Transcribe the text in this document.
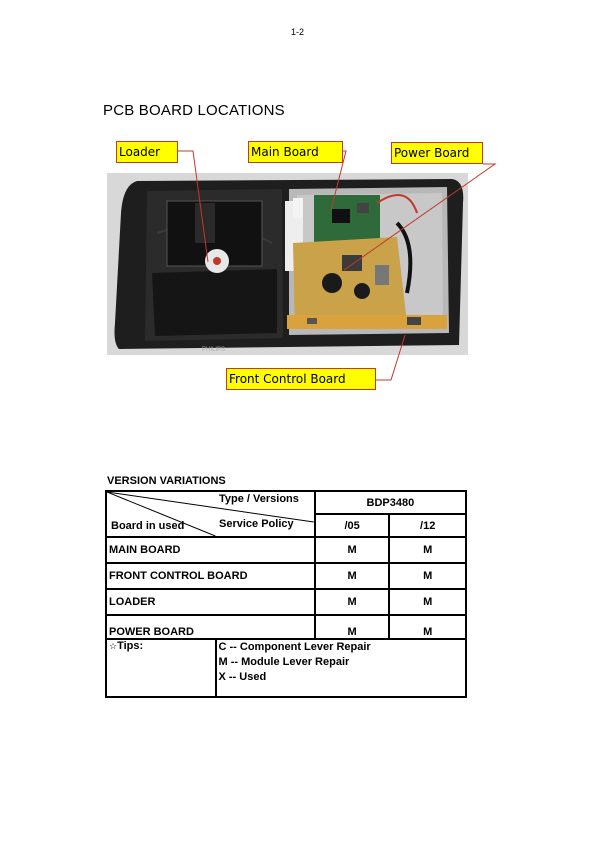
1-2
PCB BOARD LOCATIONS
PHILIPS
Loader	Main Board	Power Board
Front Control Board
VERSION VARIATIONS
Type / Versions
Service Policy
Board in used		BDP3480	
		/05	/12
MAIN BOARD		M	M
FRONT CONTROL BOARD		M	M
LOADER		M	M
POWER BOARD		M	M
☆Tips:	C -- Component Lever Repair
M -- Module Lever Repair
X -- Used		
